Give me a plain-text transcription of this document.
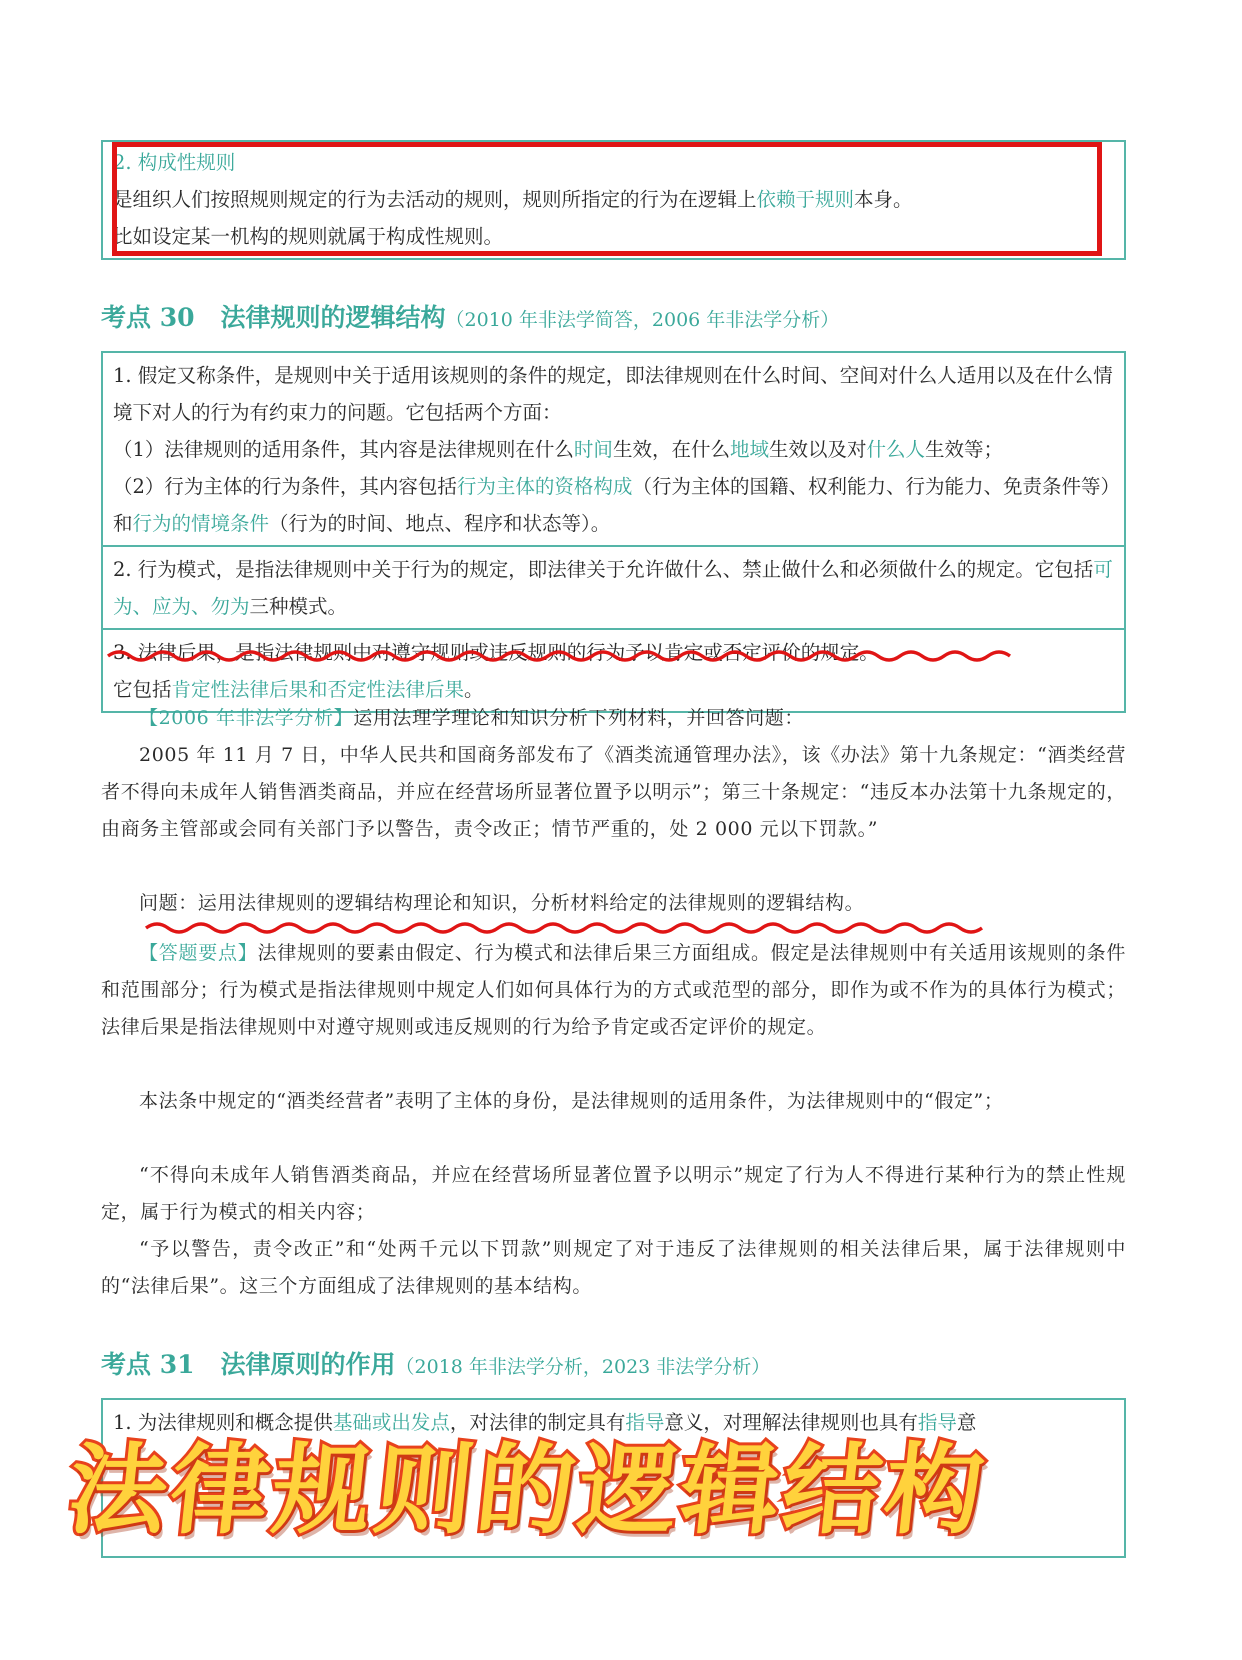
2. 构成性规则
是组织人们按照规则规定的行为去活动的规则，规则所指定的行为在逻辑上依赖于规则本身。
比如设定某一机构的规则就属于构成性规则。
考点 30 法律规则的逻辑结构（2010 年非法学简答，2006 年非法学分析）
1. 假定又称条件，是规则中关于适用该规则的条件的规定，即法律规则在什么时间、空间对什么人适用以及在什么情境下对人的行为有约束力的问题。它包括两个方面：
（1）法律规则的适用条件，其内容是法律规则在什么时间生效，在什么地域生效以及对什么人生效等；
（2）行为主体的行为条件，其内容包括行为主体的资格构成（行为主体的国籍、权利能力、行为能力、免责条件等）和行为的情境条件（行为的时间、地点、程序和状态等）。
2. 行为模式，是指法律规则中关于行为的规定，即法律关于允许做什么、禁止做什么和必须做什么的规定。它包括可为、应为、勿为三种模式。
3. 法律后果，是指法律规则中对遵守规则或违反规则的行为予以肯定或否定评价的规定。
它包括肯定性法律后果和否定性法律后果。
【2006 年非法学分析】运用法理学理论和知识分析下列材料，并回答问题：
2005 年 11 月 7 日，中华人民共和国商务部发布了《酒类流通管理办法》，该《办法》第十九条规定：“酒类经营者不得向未成年人销售酒类商品，并应在经营场所显著位置予以明示”；第三十条规定：“违反本办法第十九条规定的，由商务主管部或会同有关部门予以警告，责令改正；情节严重的，处 2 000 元以下罚款。”
问题：运用法律规则的逻辑结构理论和知识，分析材料给定的法律规则的逻辑结构。
【答题要点】法律规则的要素由假定、行为模式和法律后果三方面组成。假定是法律规则中有关适用该规则的条件和范围部分；行为模式是指法律规则中规定人们如何具体行为的方式或范型的部分，即作为或不作为的具体行为模式；法律后果是指法律规则中对遵守规则或违反规则的行为给予肯定或否定评价的规定。
本法条中规定的“酒类经营者”表明了主体的身份，是法律规则的适用条件，为法律规则中的“假定”；
“不得向未成年人销售酒类商品，并应在经营场所显著位置予以明示”规定了行为人不得进行某种行为的禁止性规定，属于行为模式的相关内容；
“予以警告，责令改正”和“处两千元以下罚款”则规定了对于违反了法律规则的相关法律后果，属于法律规则中的“法律后果”。这三个方面组成了法律规则的基本结构。
考点 31 法律原则的作用（2018 年非法学分析，2023 非法学分析）
1. 为法律规则和概念提供基础或出发点，对法律的制定具有指导意义，对理解法律规则也具有指导意
法律规则的逻辑结构
